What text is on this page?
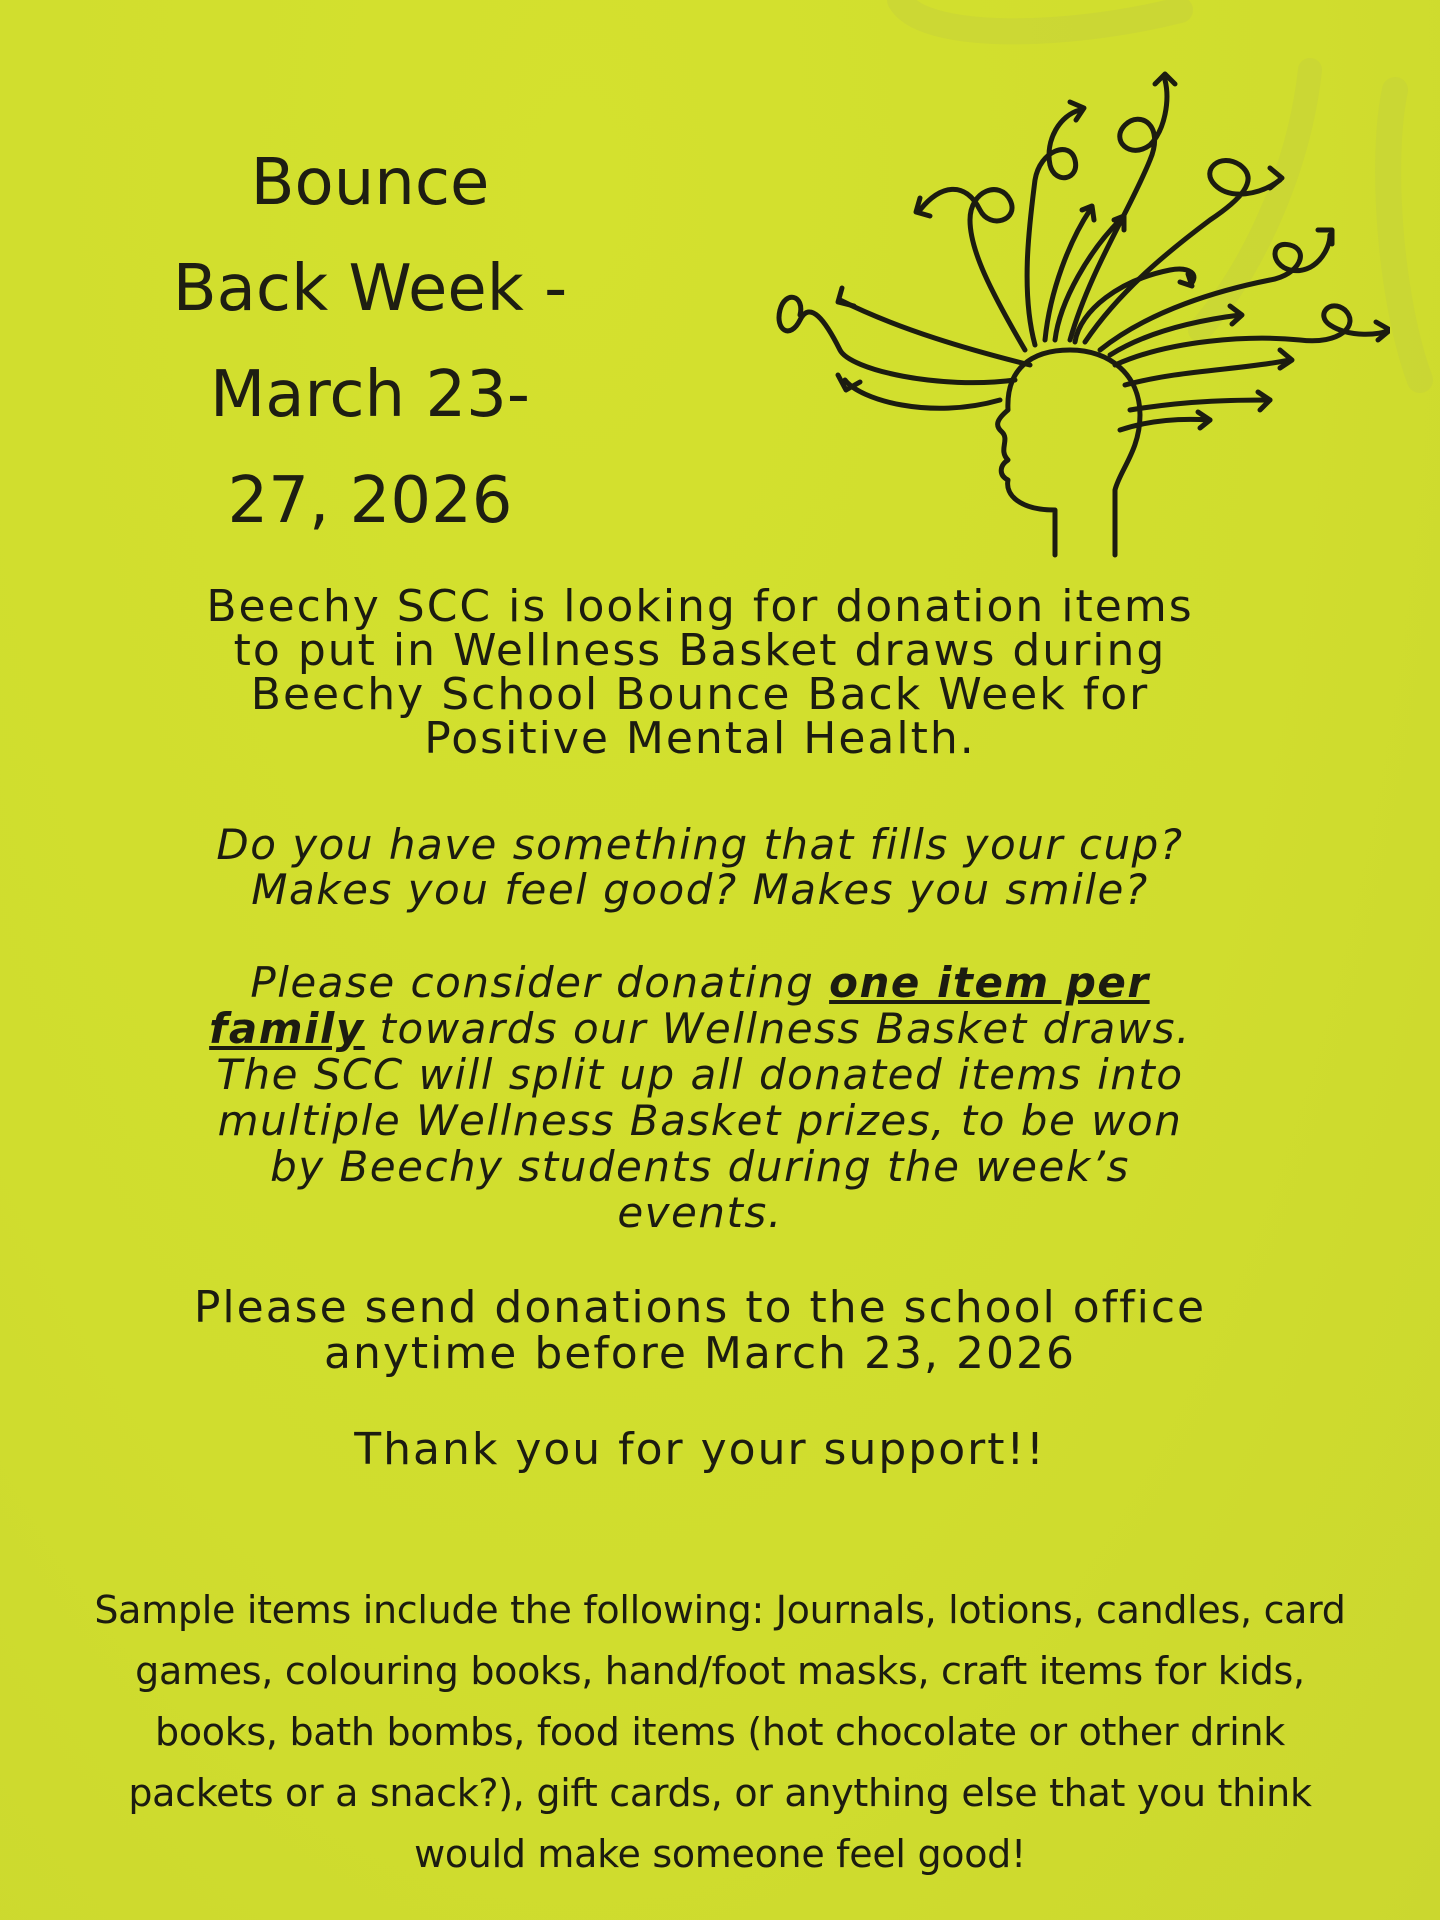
Bounce
Back Week -
March 23-
27, 2026

Beechy SCC is looking for donation items
to put in Wellness Basket draws during
Beechy School Bounce Back Week for
Positive Mental Health.

Do you have something that fills your cup?
Makes you feel good? Makes you smile?

Please consider donating one item per
family towards our Wellness Basket draws.
The SCC will split up all donated items into
multiple Wellness Basket prizes, to be won
by Beechy students during the week’s
events.

Please send donations to the school office
anytime before March 23, 2026

Thank you for your support!!

Sample items include the following: Journals, lotions, candles, card
games, colouring books, hand/foot masks, craft items for kids,
books, bath bombs, food items (hot chocolate or other drink
packets or a snack?), gift cards, or anything else that you think
would make someone feel good!
